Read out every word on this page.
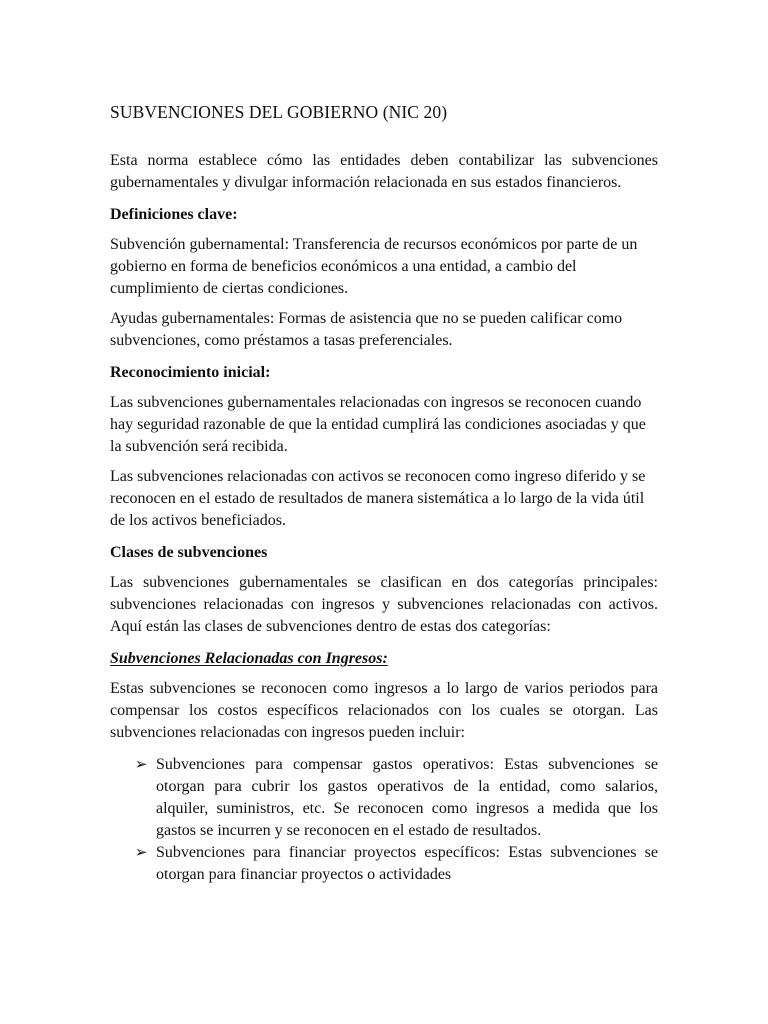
SUBVENCIONES DEL GOBIERNO (NIC 20)

Esta norma establece cómo las entidades deben contabilizar las subvenciones gubernamentales y divulgar información relacionada en sus estados financieros.

Definiciones clave:

Subvención gubernamental: Transferencia de recursos económicos por parte de un gobierno en forma de beneficios económicos a una entidad, a cambio del cumplimiento de ciertas condiciones.

Ayudas gubernamentales: Formas de asistencia que no se pueden calificar como subvenciones, como préstamos a tasas preferenciales.

Reconocimiento inicial:

Las subvenciones gubernamentales relacionadas con ingresos se reconocen cuando hay seguridad razonable de que la entidad cumplirá las condiciones asociadas y que la subvención será recibida.

Las subvenciones relacionadas con activos se reconocen como ingreso diferido y se reconocen en el estado de resultados de manera sistemática a lo largo de la vida útil de los activos beneficiados.

Clases de subvenciones

Las subvenciones gubernamentales se clasifican en dos categorías principales: subvenciones relacionadas con ingresos y subvenciones relacionadas con activos. Aquí están las clases de subvenciones dentro de estas dos categorías:

Subvenciones Relacionadas con Ingresos:

Estas subvenciones se reconocen como ingresos a lo largo de varios periodos para compensar los costos específicos relacionados con los cuales se otorgan. Las subvenciones relacionadas con ingresos pueden incluir:

➢ Subvenciones para compensar gastos operativos: Estas subvenciones se otorgan para cubrir los gastos operativos de la entidad, como salarios, alquiler, suministros, etc. Se reconocen como ingresos a medida que los gastos se incurren y se reconocen en el estado de resultados.
➢ Subvenciones para financiar proyectos específicos: Estas subvenciones se otorgan para financiar proyectos o actividades
